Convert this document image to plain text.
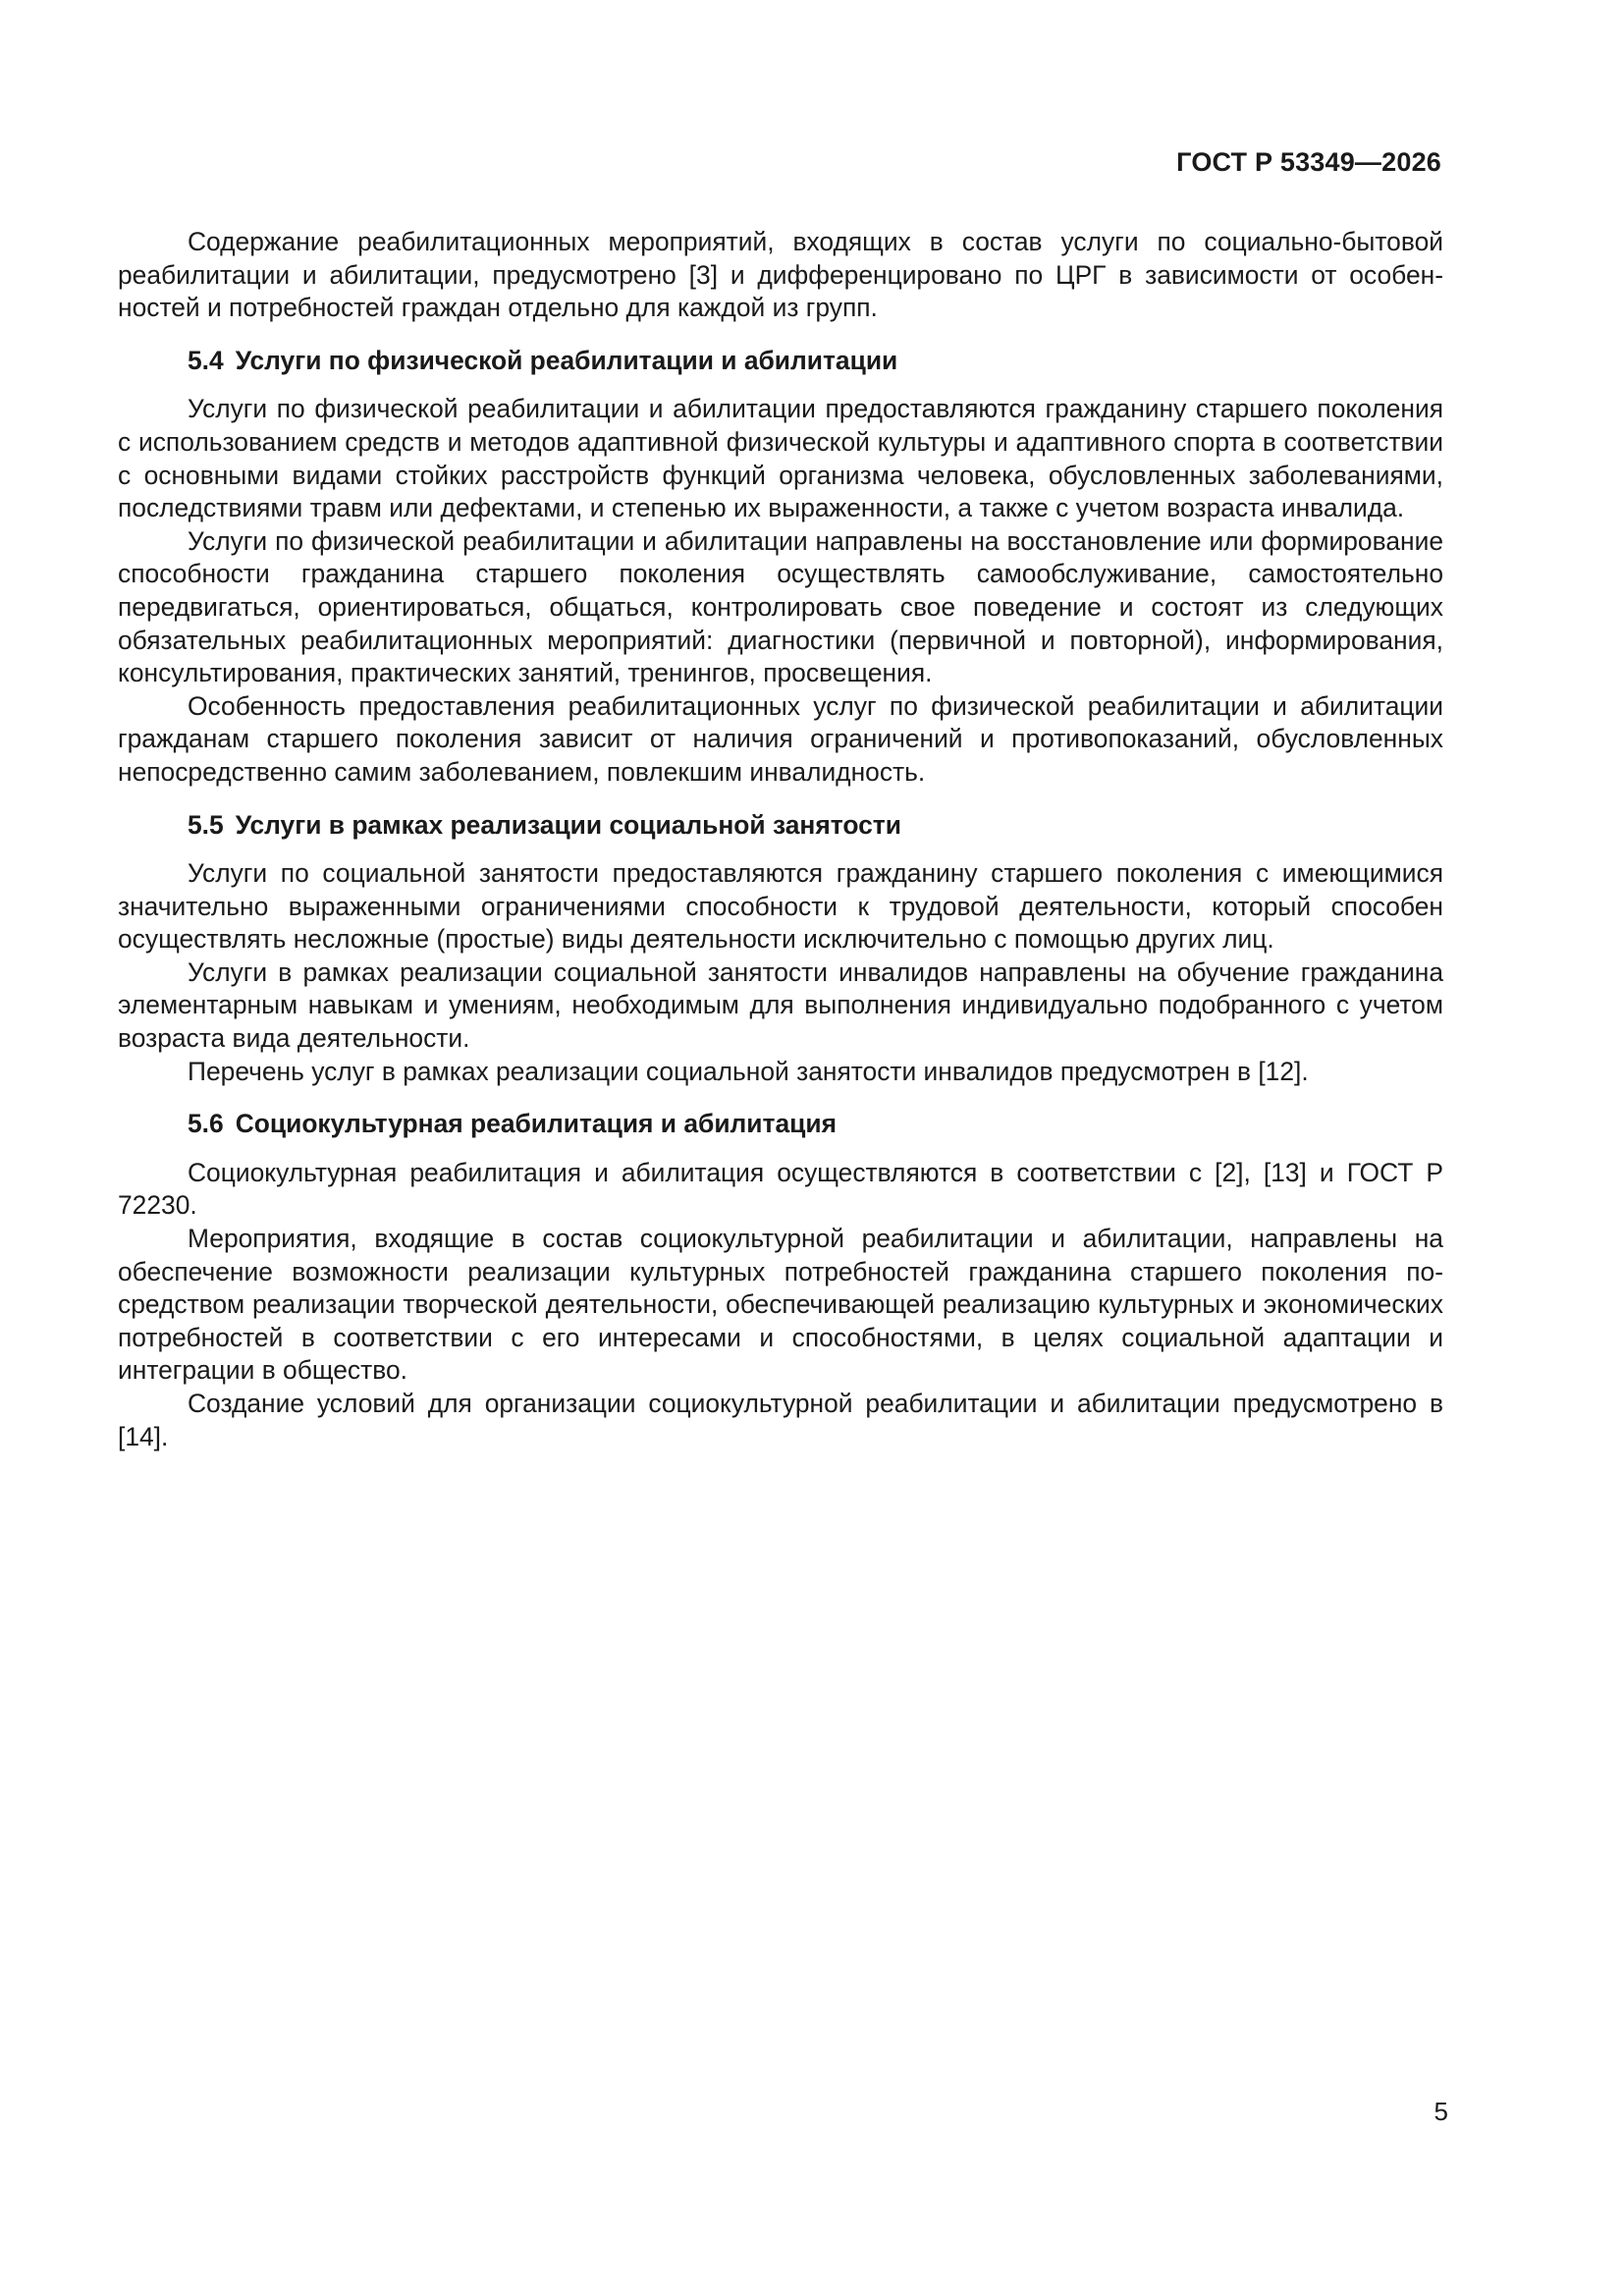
ГОСТ Р 53349—2026

Содержание реабилитационных мероприятий, входящих в состав услуги по социально-бытовой реабилитации и абилитации, предусмотрено [3] и дифференцировано по ЦРГ в зависимости от особенностей и потребностей граждан отдельно для каждой из групп.

5.4 Услуги по физической реабилитации и абилитации

Услуги по физической реабилитации и абилитации предоставляются гражданину старшего поколения с использованием средств и методов адаптивной физической культуры и адаптивного спорта в соответствии с основными видами стойких расстройств функций организма человека, обусловленных заболеваниями, последствиями травм или дефектами, и степенью их выраженности, а также с учетом возраста инвалида.

Услуги по физической реабилитации и абилитации направлены на восстановление или формирование способности гражданина старшего поколения осуществлять самообслуживание, самостоятельно передвигаться, ориентироваться, общаться, контролировать свое поведение и состоят из следующих обязательных реабилитационных мероприятий: диагностики (первичной и повторной), информирования, консультирования, практических занятий, тренингов, просвещения.

Особенность предоставления реабилитационных услуг по физической реабилитации и абилитации гражданам старшего поколения зависит от наличия ограничений и противопоказаний, обусловленных непосредственно самим заболеванием, повлекшим инвалидность.

5.5 Услуги в рамках реализации социальной занятости

Услуги по социальной занятости предоставляются гражданину старшего поколения с имеющимися значительно выраженными ограничениями способности к трудовой деятельности, который способен осуществлять несложные (простые) виды деятельности исключительно с помощью других лиц.

Услуги в рамках реализации социальной занятости инвалидов направлены на обучение гражданина элементарным навыкам и умениям, необходимым для выполнения индивидуально подобранного с учетом возраста вида деятельности.

Перечень услуг в рамках реализации социальной занятости инвалидов предусмотрен в [12].

5.6 Социокультурная реабилитация и абилитация

Социокультурная реабилитация и абилитация осуществляются в соответствии с [2], [13] и ГОСТ Р 72230.

Мероприятия, входящие в состав социокультурной реабилитации и абилитации, направлены на обеспечение возможности реализации культурных потребностей гражданина старшего поколения посредством реализации творческой деятельности, обеспечивающей реализацию культурных и экономических потребностей в соответствии с его интересами и способностями, в целях социальной адаптации и интеграции в общество.

Создание условий для организации социокультурной реабилитации и абилитации предусмотрено в [14].

5
